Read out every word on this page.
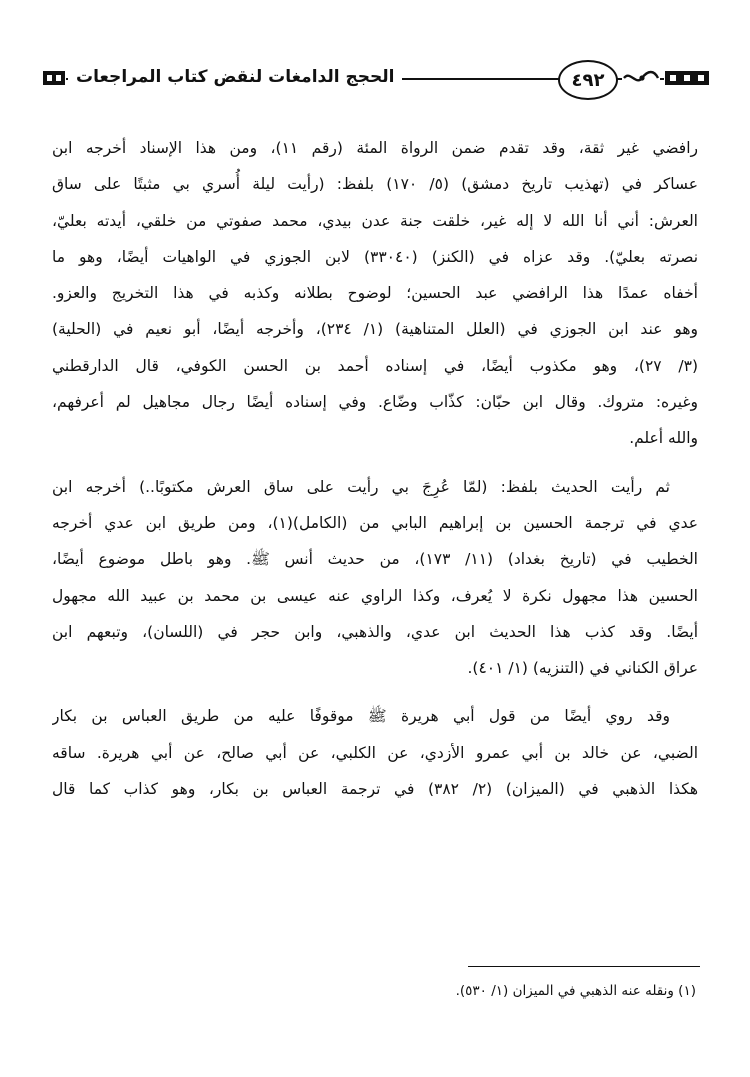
٤٩٢
الحجج الدامغات لنقض كتاب المراجعات

رافضي غير ثقة، وقد تقدم ضمن الرواة المئة (رقم ١١)، ومن هذا الإسناد أخرجه ابن
عساكر في (تهذيب تاريخ دمشق) (٥/ ١٧٠) بلفظ: (رأيت ليلة أُسري بي مثبتًا على ساق
العرش: أني أنا الله لا إله غير، خلقت جنة عدن بيدي، محمد صفوتي من خلقي، أيدته بعليّ،
نصرته بعليّ). وقد عزاه في (الكنز) (٣٣٠٤٠) لابن الجوزي في الواهيات أيضًا، وهو ما
أخفاه عمدًا هذا الرافضي عبد الحسين؛ لوضوح بطلانه وكذبه في هذا التخريج والعزو.
وهو عند ابن الجوزي في (العلل المتناهية) (١/ ٢٣٤)، وأخرجه أيضًا، أبو نعيم في (الحلية)
(٣/ ٢٧)، وهو مكذوب أيضًا، في إسناده أحمد بن الحسن الكوفي، قال الدارقطني
وغيره: متروك. وقال ابن حبّان: كذّاب وضّاع. وفي إسناده أيضًا رجال مجاهيل لم أعرفهم،
والله أعلم.

ثم رأيت الحديث بلفظ: (لمّا عُرِجَ بي رأيت على ساق العرش مكتوبًا..) أخرجه ابن
عدي في ترجمة الحسين بن إبراهيم البابي من (الكامل)(١)، ومن طريق ابن عدي أخرجه
الخطيب في (تاريخ بغداد) (١١/ ١٧٣)، من حديث أنس ﷺ. وهو باطل موضوع أيضًا،
الحسين هذا مجهول نكرة لا يُعرف، وكذا الراوي عنه عيسى بن محمد بن عبيد الله مجهول
أيضًا. وقد كذب هذا الحديث ابن عدي، والذهبي، وابن حجر في (اللسان)، وتبعهم ابن
عراق الكناني في (التنزيه) (١/ ٤٠١).

وقد روي أيضًا من قول أبي هريرة ﷺ موقوفًا عليه من طريق العباس بن بكار
الضبي، عن خالد بن أبي عمرو الأزدي، عن الكلبي، عن أبي صالح، عن أبي هريرة. ساقه
هكذا الذهبي في (الميزان) (٢/ ٣٨٢) في ترجمة العباس بن بكار، وهو كذاب كما قال

(١) ونقله عنه الذهبي في الميزان (١/ ٥٣٠).
